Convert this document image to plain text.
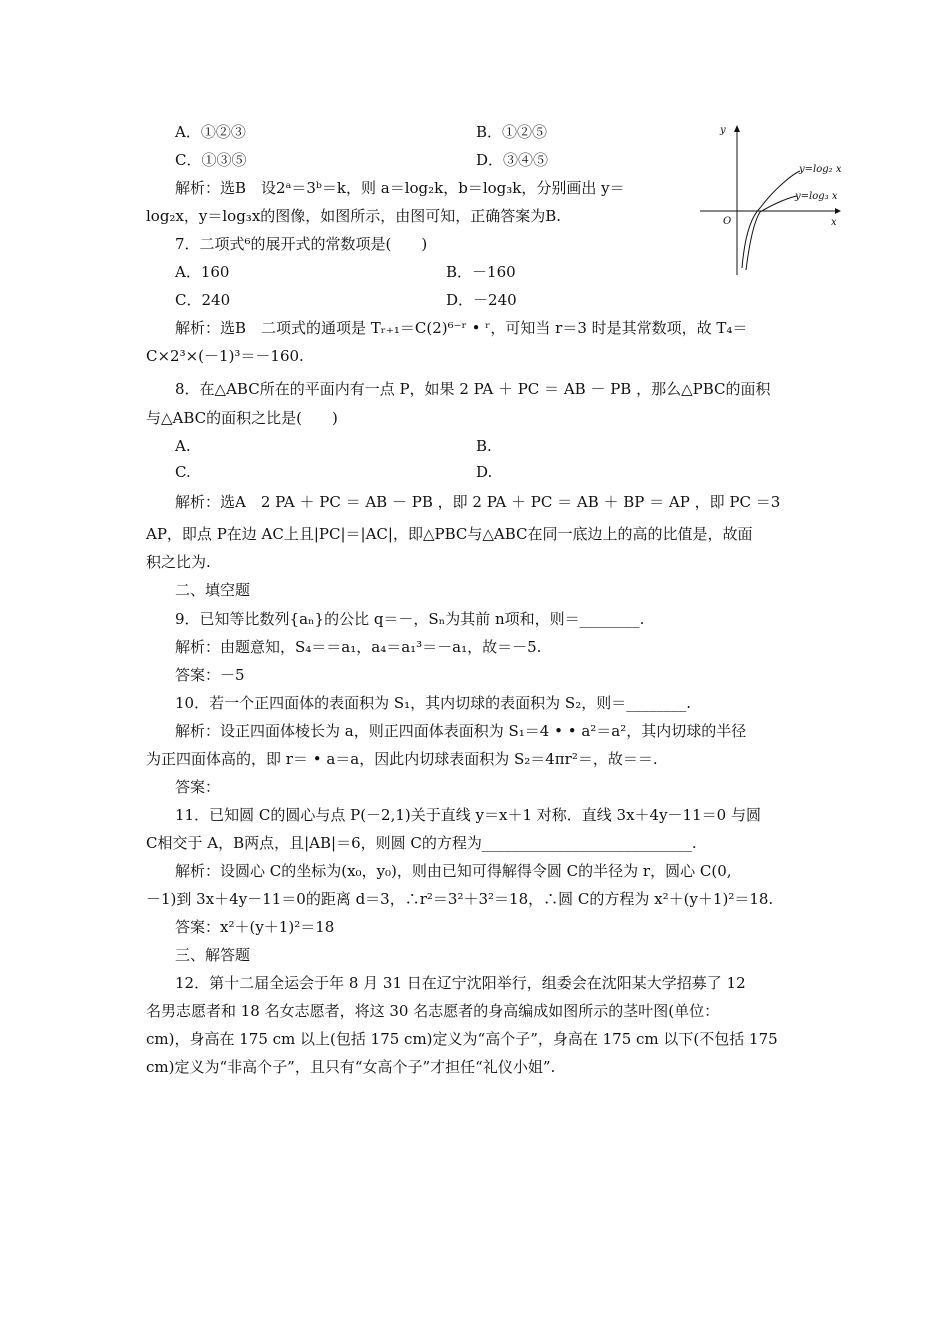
A．①②③	B．①②⑤
C．①③⑤	D．③④⑤
解析：选B　设2ᵃ＝3ᵇ＝k，则 a＝log₂k，b＝log₃k，分别画出 y＝
log₂x，y＝log₃x的图像，如图所示，由图可知，正确答案为B.
y
x
O
y=log₂ x
y=log₃ x
7．二项式⁶的展开式的常数项是(　　)
A．160	B．－160
C．240	D．－240
解析：选B　二项式的通项是 Tᵣ₊₁＝C(2)⁶⁻ʳ • ʳ，可知当 r＝3 时是其常数项，故 T₄＝
C×2³×(－1)³＝－160.
8．在△ABC所在的平面内有一点 P，如果 2 PA ＋ PC ＝ AB － PB ，那么△PBC的面积
与△ABC的面积之比是(　　)
A.	B.
C.	D.
解析：选A　2 PA ＋ PC ＝ AB － PB ，即 2 PA ＋ PC ＝ AB ＋ BP ＝ AP ，即 PC ＝3
AP，即点 P在边 AC上且|PC|＝|AC|，即△PBC与△ABC在同一底边上的高的比值是，故面
积之比为.
二、填空题
9．已知等比数列{aₙ}的公比 q＝－，Sₙ为其前 n项和，则＝________.
解析：由题意知，S₄＝＝a₁，a₄＝a₁³＝－a₁，故＝－5.
答案：－5
10．若一个正四面体的表面积为 S₁，其内切球的表面积为 S₂，则＝________.
解析：设正四面体棱长为 a，则正四面体表面积为 S₁＝4 • • a²＝a²，其内切球的半径
为正四面体高的，即 r＝ • a＝a，因此内切球表面积为 S₂＝4πr²＝，故＝＝.
答案：
11．已知圆 C的圆心与点 P(－2,1)关于直线 y＝x＋1 对称．直线 3x＋4y－11＝0 与圆
C相交于 A，B两点，且|AB|＝6，则圆 C的方程为____________________________.
解析：设圆心 C的坐标为(x₀，y₀)，则由已知可得解得令圆 C的半径为 r，圆心 C(0,
－1)到 3x＋4y－11＝0的距离 d＝3，∴r²＝3²＋3²＝18，∴圆 C的方程为 x²＋(y＋1)²＝18.
答案：x²＋(y＋1)²＝18
三、解答题
12．第十二届全运会于年 8 月 31 日在辽宁沈阳举行，组委会在沈阳某大学招募了 12
名男志愿者和 18 名女志愿者，将这 30 名志愿者的身高编成如图所示的茎叶图(单位：
cm)，身高在 175 cm 以上(包括 175 cm)定义为“高个子”，身高在 175 cm 以下(不包括 175
cm)定义为“非高个子”，且只有“女高个子”才担任“礼仪小姐”.
